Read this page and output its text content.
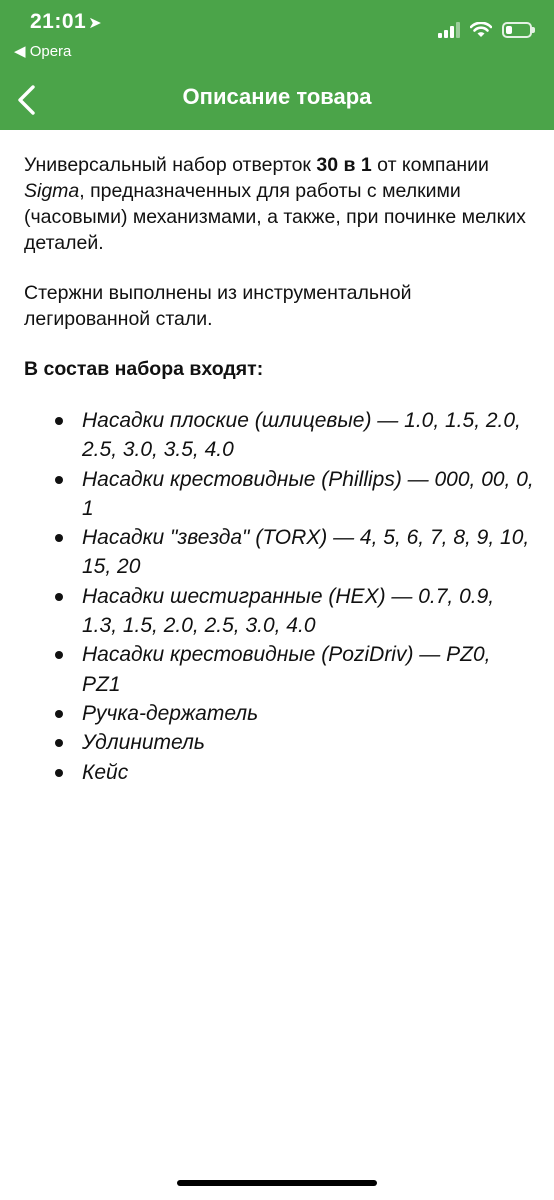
21:01 ➤
◀ Opera
Описание товара

Универсальный набор отверток 30 в 1 от компании Sigma, предназначенных для работы с мелкими (часовыми) механизмами, а также, при починке мелких деталей.

Стержни выполнены из инструментальной легированной стали.

В состав набора входят:

Насадки плоские (шлицевые) — 1.0, 1.5, 2.0, 2.5, 3.0, 3.5, 4.0
Насадки крестовидные (Phillips) — 000, 00, 0, 1
Насадки "звезда" (TORX) — 4, 5, 6, 7, 8, 9, 10, 15, 20
Насадки шестигранные (HEX) — 0.7, 0.9, 1.3, 1.5, 2.0, 2.5, 3.0, 4.0
Насадки крестовидные (PoziDriv) — PZ0, PZ1
Ручка-держатель
Удлинитель
Кейс
